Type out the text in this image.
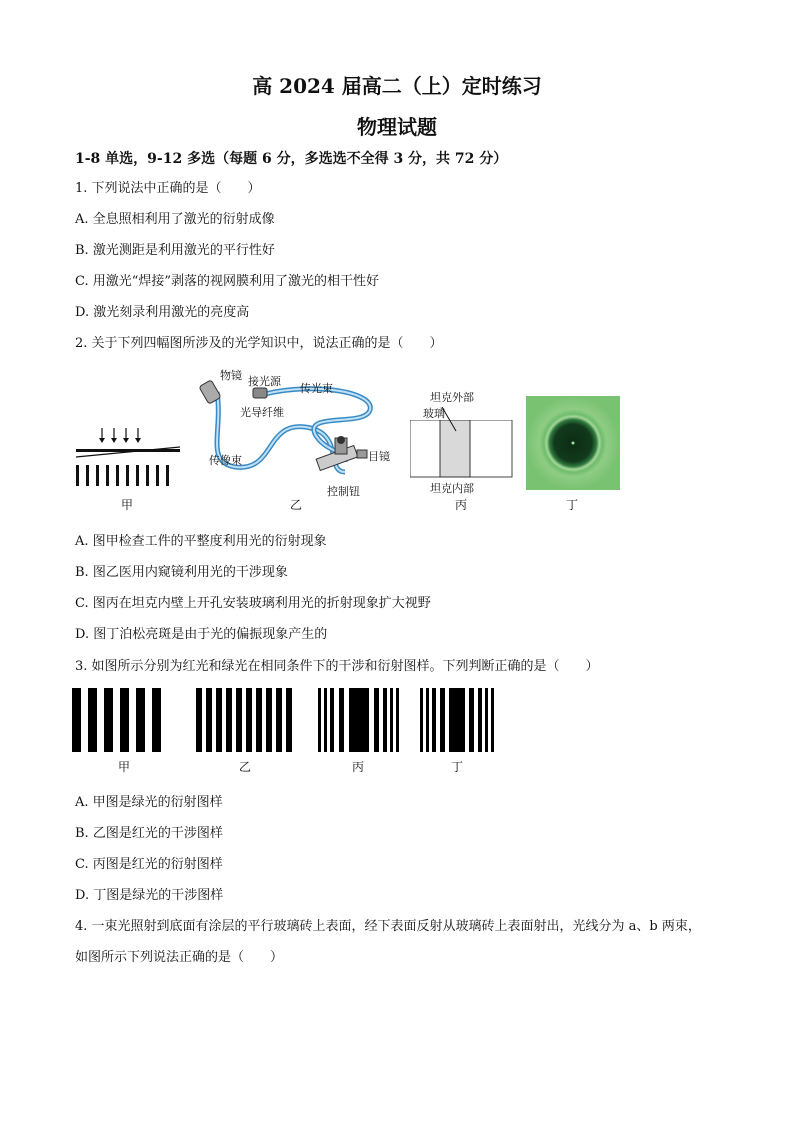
高 2024 届高二（上）定时练习
物理试题
1-8 单选，9-12 多选（每题 6 分，多选选不全得 3 分，共 72 分）
1. 下列说法中正确的是（　　）
A. 全息照相利用了激光的衍射成像
B. 激光测距是利用激光的平行性好
C. 用激光“焊接”剥落的视网膜利用了激光的相干性好
D. 激光刻录利用激光的亮度高
2. 关于下列四幅图所涉及的光学知识中，说法正确的是（　　）
物镜 接光源
传光束
光导纤维
传像束	目镜
控制钮
坦克外部
玻璃
坦克内部
甲	乙	丙	丁
A. 图甲检查工件的平整度利用光的衍射现象
B. 图乙医用内窥镜利用光的干涉现象
C. 图丙在坦克内壁上开孔安装玻璃利用光的折射现象扩大视野
D. 图丁泊松亮斑是由于光的偏振现象产生的
3. 如图所示分别为红光和绿光在相同条件下的干涉和衍射图样。下列判断正确的是（　　）
甲	乙	丙	丁
A. 甲图是绿光的衍射图样
B. 乙图是红光的干涉图样
C. 丙图是红光的衍射图样
D. 丁图是绿光的干涉图样
4. 一束光照射到底面有涂层的平行玻璃砖上表面，经下表面反射从玻璃砖上表面射出，光线分为 a、b 两束，
如图所示下列说法正确的是（　　）
